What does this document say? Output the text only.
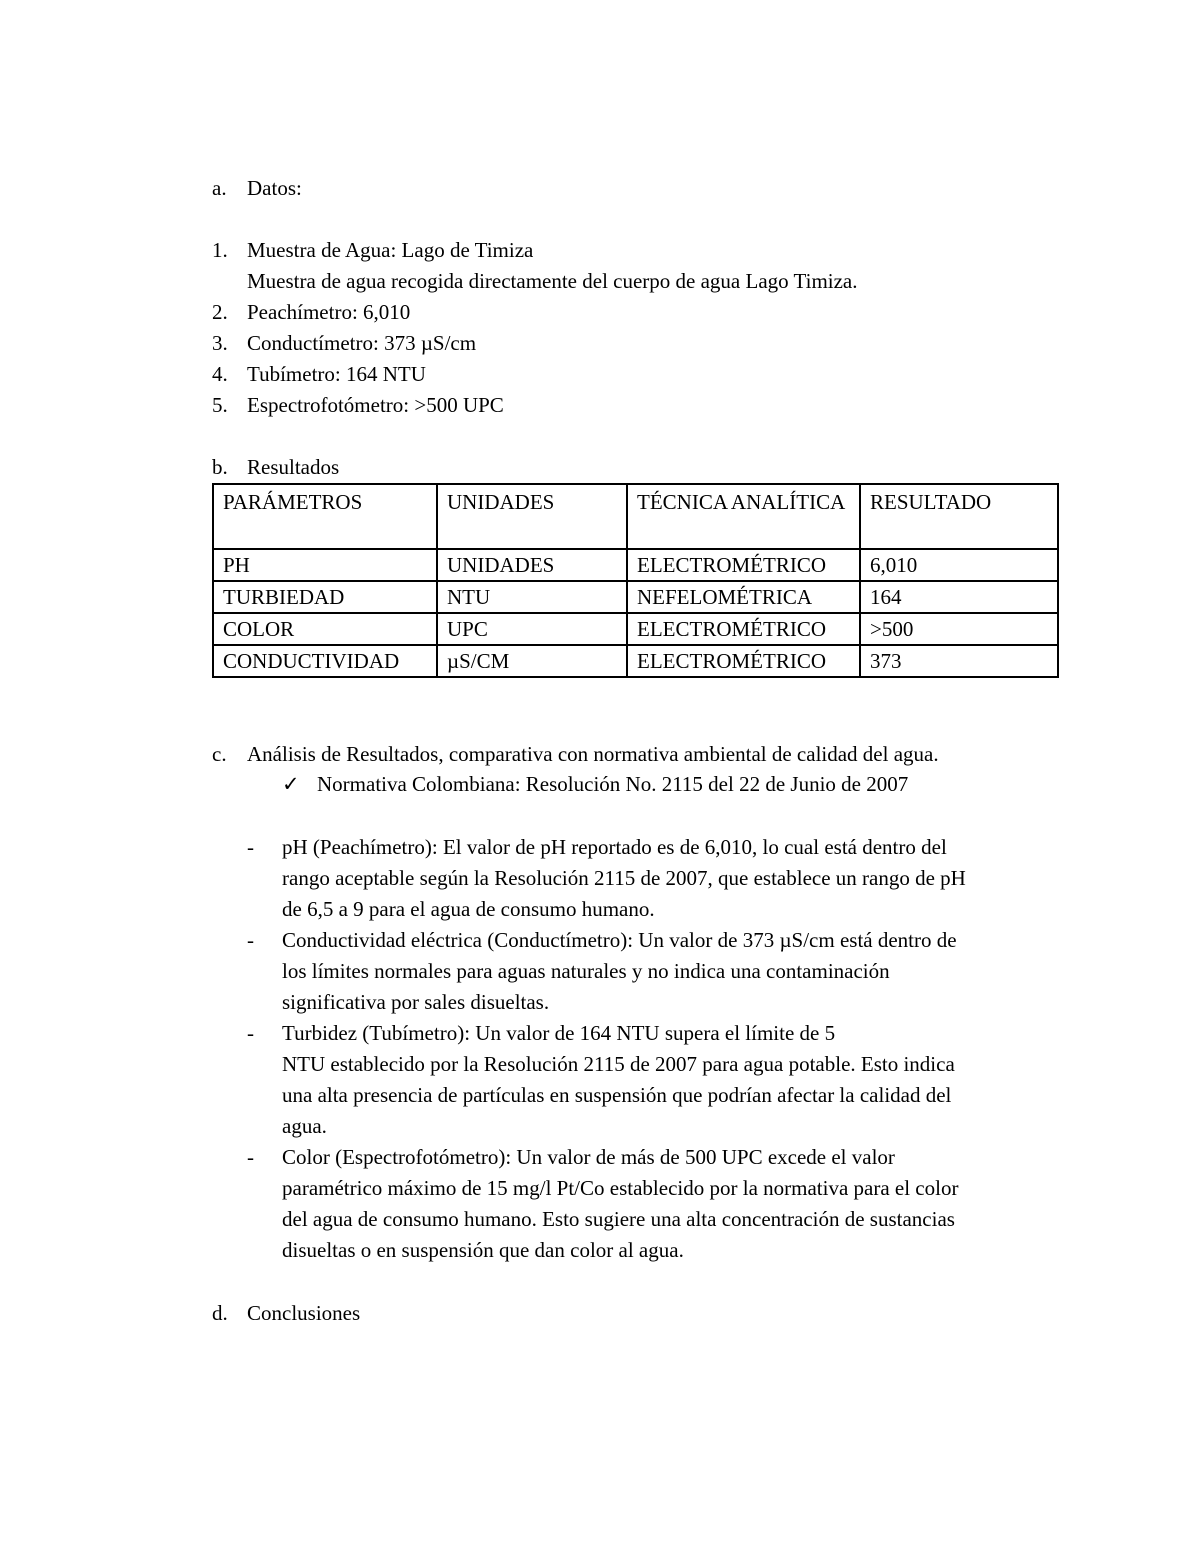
a. Datos:
1. Muestra de Agua: Lago de Timiza
Muestra de agua recogida directamente del cuerpo de agua Lago Timiza.
2. Peachímetro: 6,010
3. Conductímetro: 373 µS/cm
4. Tubímetro: 164 NTU
5. Espectrofotómetro: >500 UPC
b. Resultados
PARÁMETROS	UNIDADES	TÉCNICA ANALÍTICA	RESULTADO
PH	UNIDADES	ELECTROMÉTRICO	6,010
TURBIEDAD	NTU	NEFELOMÉTRICA	164
COLOR	UPC	ELECTROMÉTRICO	>500
CONDUCTIVIDAD	µS/CM	ELECTROMÉTRICO	373
c. Análisis de Resultados, comparativa con normativa ambiental de calidad del agua.
✓ Normativa Colombiana: Resolución No. 2115 del 22 de Junio de 2007
- pH (Peachímetro): El valor de pH reportado es de 6,010, lo cual está dentro del
rango aceptable según la Resolución 2115 de 2007, que establece un rango de pH
de 6,5 a 9 para el agua de consumo humano.
- Conductividad eléctrica (Conductímetro): Un valor de 373 µS/cm está dentro de
los límites normales para aguas naturales y no indica una contaminación
significativa por sales disueltas.
- Turbidez (Tubímetro): Un valor de 164 NTU supera el límite de 5
NTU establecido por la Resolución 2115 de 2007 para agua potable. Esto indica
una alta presencia de partículas en suspensión que podrían afectar la calidad del
agua.
- Color (Espectrofotómetro): Un valor de más de 500 UPC excede el valor
paramétrico máximo de 15 mg/l Pt/Co establecido por la normativa para el color
del agua de consumo humano. Esto sugiere una alta concentración de sustancias
disueltas o en suspensión que dan color al agua.
d. Conclusiones
